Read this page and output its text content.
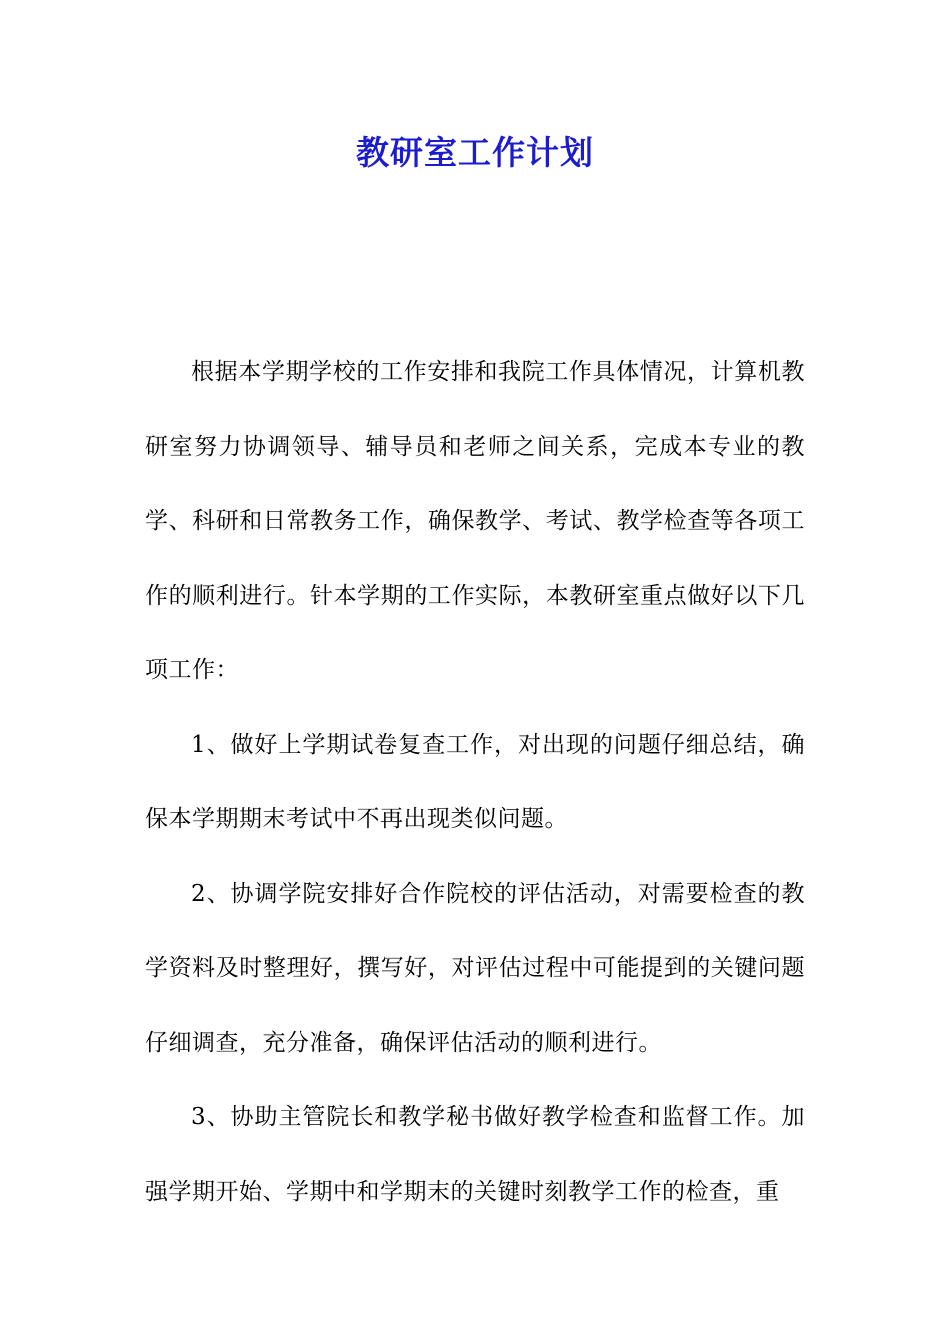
教研室工作计划

根据本学期学校的工作安排和我院工作具体情况，计算机教研室努力协调领导、辅导员和老师之间关系，完成本专业的教学、科研和日常教务工作，确保教学、考试、教学检查等各项工作的顺利进行。针本学期的工作实际，本教研室重点做好以下几项工作：

1、做好上学期试卷复查工作，对出现的问题仔细总结，确保本学期期末考试中不再出现类似问题。

2、协调学院安排好合作院校的评估活动，对需要检查的教学资料及时整理好，撰写好，对评估过程中可能提到的关键问题仔细调查，充分准备，确保评估活动的顺利进行。

3、协助主管院长和教学秘书做好教学检查和监督工作。加强学期开始、学期中和学期末的关键时刻教学工作的检查，重
